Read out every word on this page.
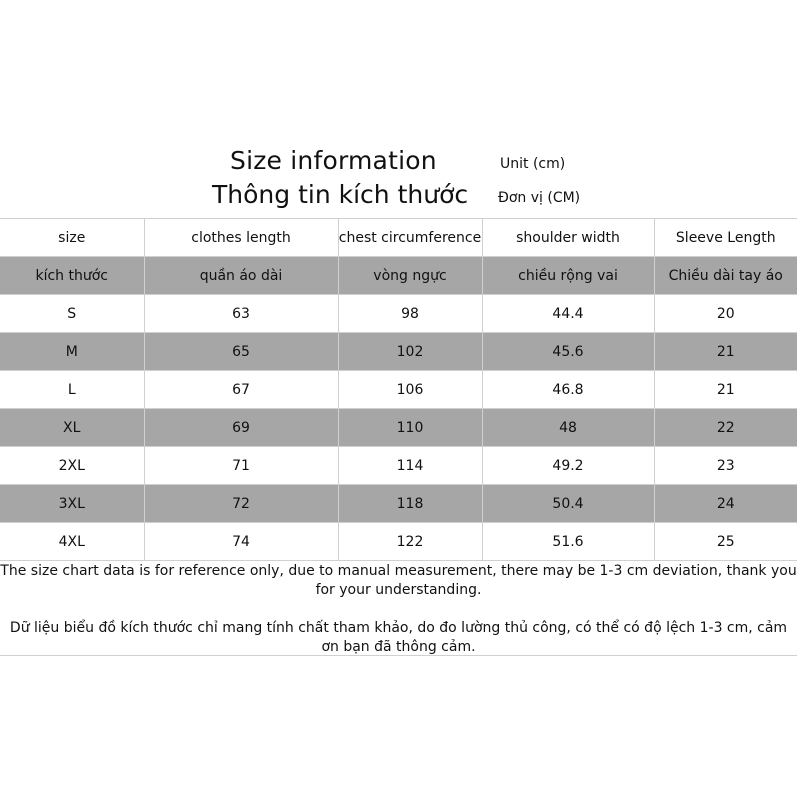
Size information
Thông tin kích thước
Unit (cm)
Đơn vị (CM)
size	clothes length	chest circumference	shoulder width	Sleeve Length
kích thước	quần áo dài	vòng ngực	chiều rộng vai	Chiều dài tay áo
S	63	98	44.4	20
M	65	102	45.6	21
L	67	106	46.8	21
XL	69	110	48	22
2XL	71	114	49.2	23
3XL	72	118	50.4	24
4XL	74	122	51.6	25
The size chart data is for reference only, due to manual measurement, there may be 1-3 cm deviation, thank you for your understanding.
Dữ liệu biểu đồ kích thước chỉ mang tính chất tham khảo, do đo lường thủ công, có thể có độ lệch 1-3 cm, cảm ơn bạn đã thông cảm.
